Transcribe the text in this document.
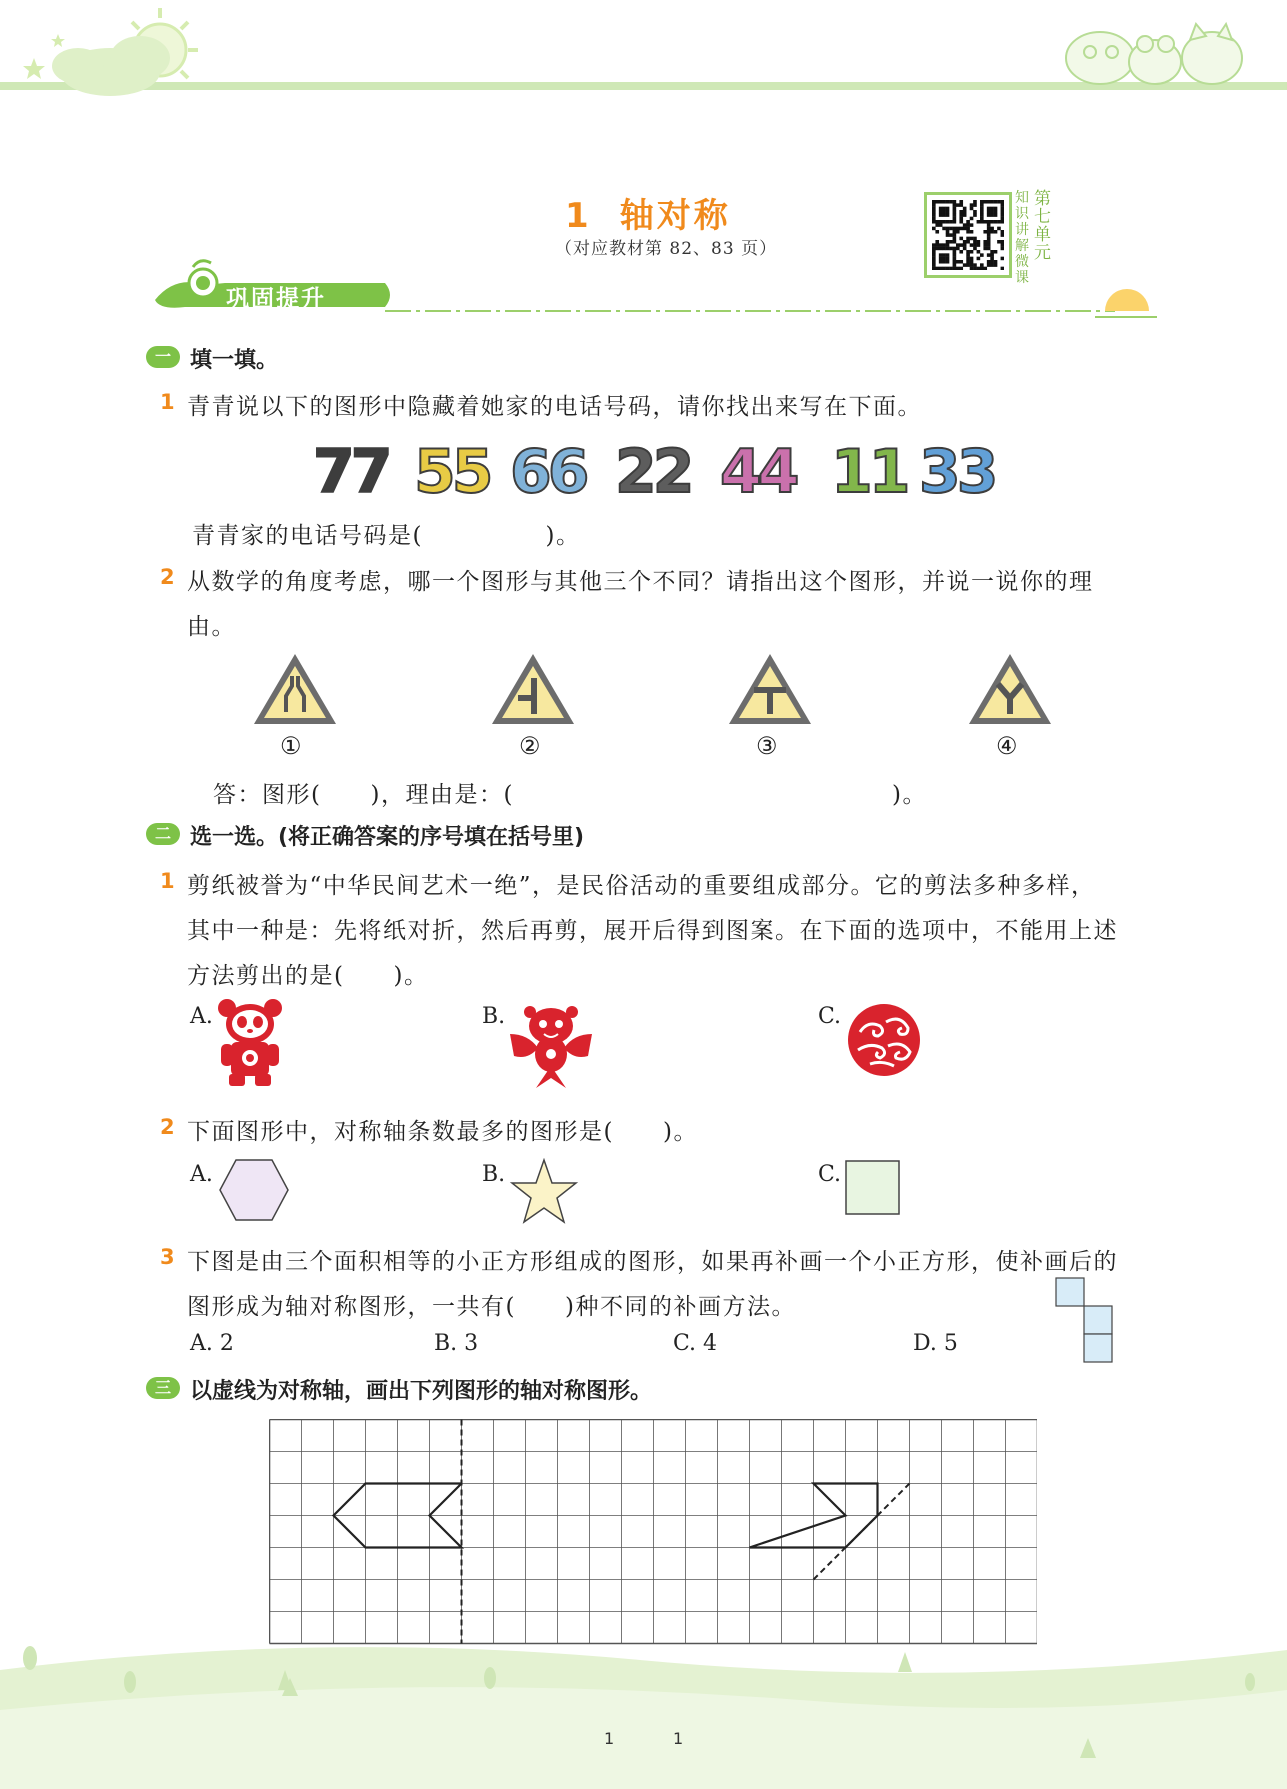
1 轴对称
（对应教材第 82、83 页）
第七单元
知识讲解微课
巩固提升
一 填一填。
1 青青说以下的图形中隐藏着她家的电话号码，请你找出来写在下面。
77 55 66 22 44 11 33
青青家的电话号码是(　　　　　)。
2 从数学的角度考虑，哪一个图形与其他三个不同？请指出这个图形，并说一说你的理
由。
①	②	③	④
答：图形(　　)，理由是：(	)。
二 选一选。(将正确答案的序号填在括号里)
1 剪纸被誉为“中华民间艺术一绝”，是民俗活动的重要组成部分。它的剪法多种多样，
其中一种是：先将纸对折，然后再剪，展开后得到图案。在下面的选项中，不能用上述
方法剪出的是(　　)。
A.	B.	C.
2 下面图形中，对称轴条数最多的图形是(　　)。
A.	B.	C.
3 下图是由三个面积相等的小正方形组成的图形，如果再补画一个小正方形，使补画后的
图形成为轴对称图形，一共有(　　)种不同的补画方法。
A. 2	B. 3	C. 4	D. 5
三 以虚线为对称轴，画出下列图形的轴对称图形。
1	1
